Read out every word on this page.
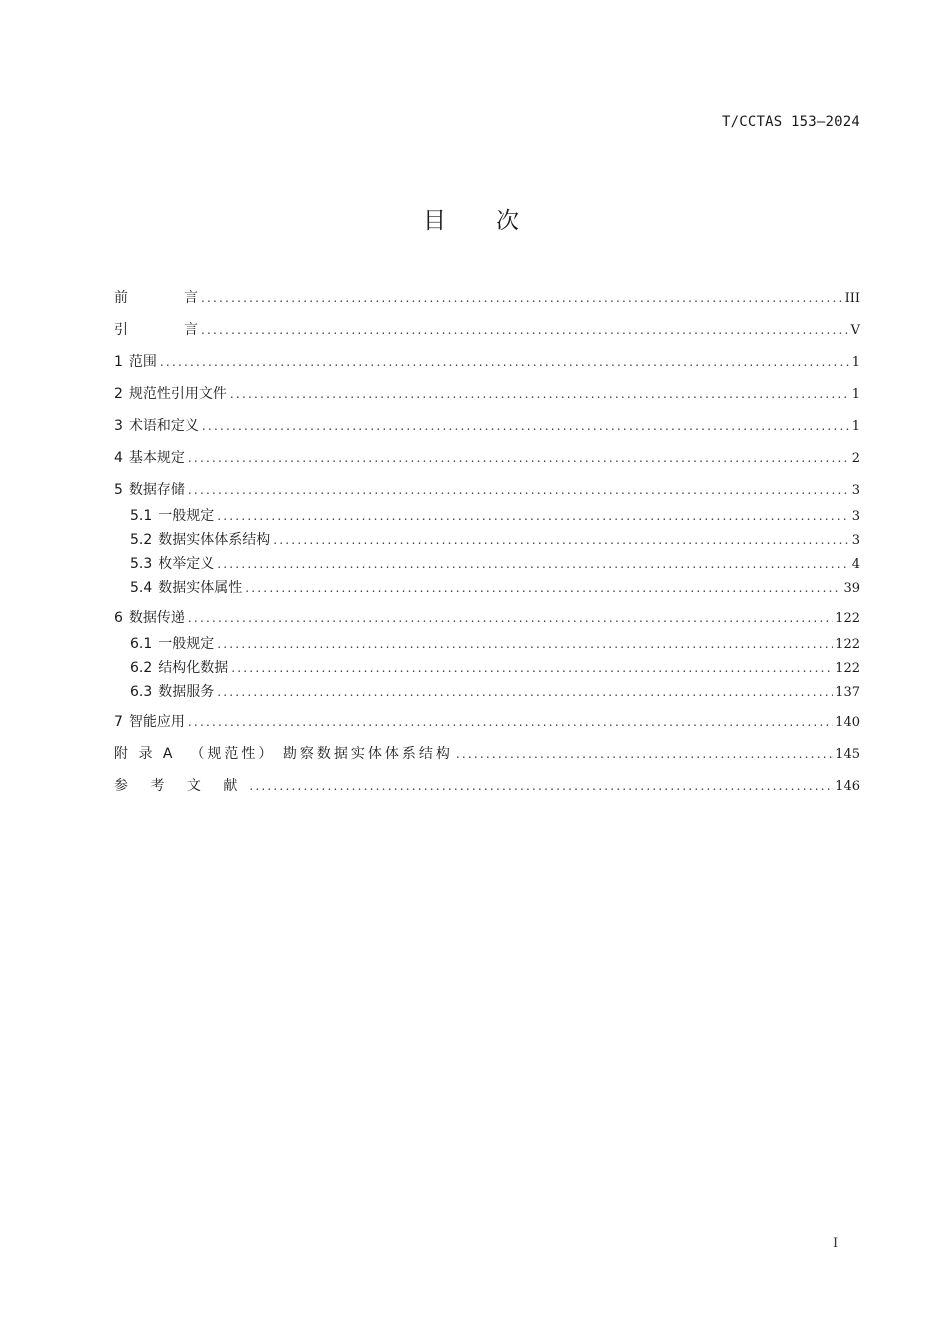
T/CCTAS 153—2024
目 次
前	言 .....	III
引	言 .....	V
1 范围 .....	1
2 规范性引用文件 .....	1
3 术语和定义 .....	1
4 基本规定 .....	2
5 数据存储 .....	3
5.1 一般规定 .....	3
5.2 数据实体体系结构 .....	3
5.3 枚举定义 .....	4
5.4 数据实体属性 .....	39
6 数据传递 .....	122
6.1 一般规定 .....	122
6.2 结构化数据 .....	122
6.3 数据服务 .....	137
7 智能应用 .....	140
附 录 A  （规范性） 勘察数据实体体系结构 .....	145
参 考 文 献 .....	146
I
